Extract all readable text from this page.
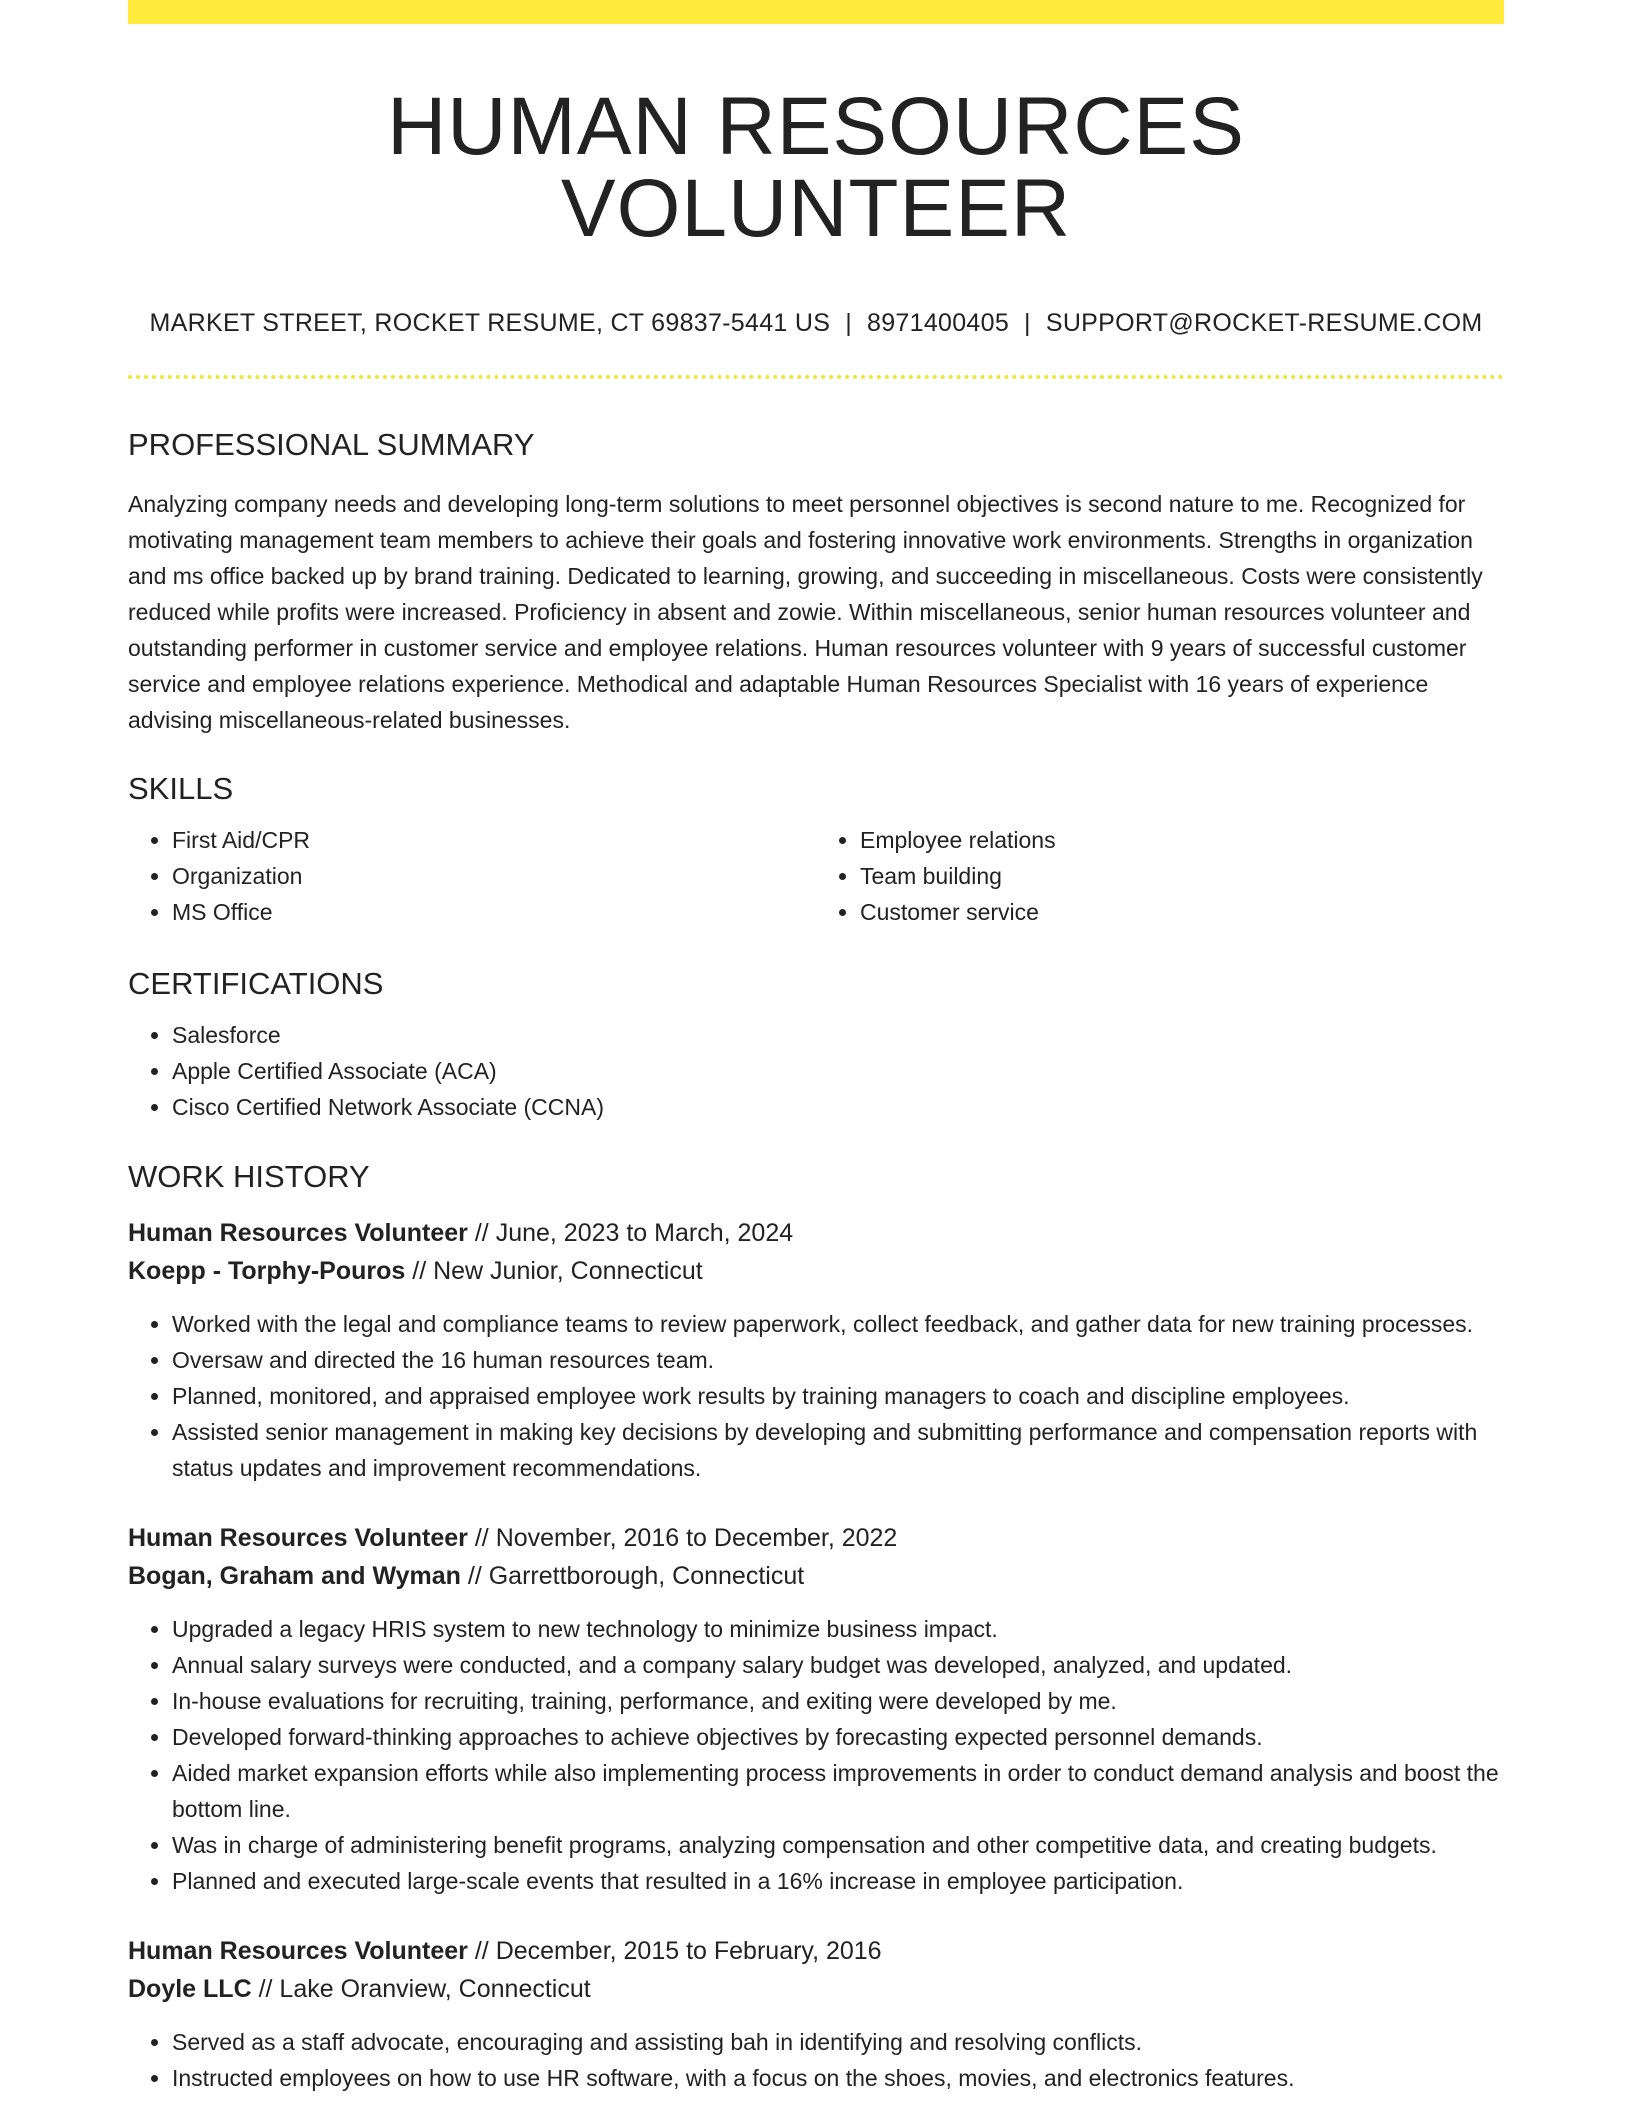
HUMAN RESOURCES VOLUNTEER
MARKET STREET, ROCKET RESUME, CT 69837-5441 US | 8971400405 | SUPPORT@ROCKET-RESUME.COM
PROFESSIONAL SUMMARY

Analyzing company needs and developing long-term solutions to meet personnel objectives is second nature to me. Recognized for motivating management team members to achieve their goals and fostering innovative work environments. Strengths in organization and ms office backed up by brand training. Dedicated to learning, growing, and succeeding in miscellaneous. Costs were consistently reduced while profits were increased. Proficiency in absent and zowie. Within miscellaneous, senior human resources volunteer and outstanding performer in customer service and employee relations. Human resources volunteer with 9 years of successful customer service and employee relations experience. Methodical and adaptable Human Resources Specialist with 16 years of experience advising miscellaneous-related businesses.

SKILLS
• First Aid/CPR
• Organization
• MS Office
• Employee relations
• Team building
• Customer service
CERTIFICATIONS
• Salesforce
• Apple Certified Associate (ACA)
• Cisco Certified Network Associate (CCNA)
WORK HISTORY
Human Resources Volunteer // June, 2023 to March, 2024
Koepp - Torphy-Pouros // New Junior, Connecticut
• Worked with the legal and compliance teams to review paperwork, collect feedback, and gather data for new training processes.
• Oversaw and directed the 16 human resources team.
• Planned, monitored, and appraised employee work results by training managers to coach and discipline employees.
• Assisted senior management in making key decisions by developing and submitting performance and compensation reports with status updates and improvement recommendations.
Human Resources Volunteer // November, 2016 to December, 2022
Bogan, Graham and Wyman // Garrettborough, Connecticut
• Upgraded a legacy HRIS system to new technology to minimize business impact.
• Annual salary surveys were conducted, and a company salary budget was developed, analyzed, and updated.
• In-house evaluations for recruiting, training, performance, and exiting were developed by me.
• Developed forward-thinking approaches to achieve objectives by forecasting expected personnel demands.
• Aided market expansion efforts while also implementing process improvements in order to conduct demand analysis and boost the bottom line.
• Was in charge of administering benefit programs, analyzing compensation and other competitive data, and creating budgets.
• Planned and executed large-scale events that resulted in a 16% increase in employee participation.
Human Resources Volunteer // December, 2015 to February, 2016
Doyle LLC // Lake Oranview, Connecticut
• Served as a staff advocate, encouraging and assisting bah in identifying and resolving conflicts.
• Instructed employees on how to use HR software, with a focus on the shoes, movies, and electronics features.
